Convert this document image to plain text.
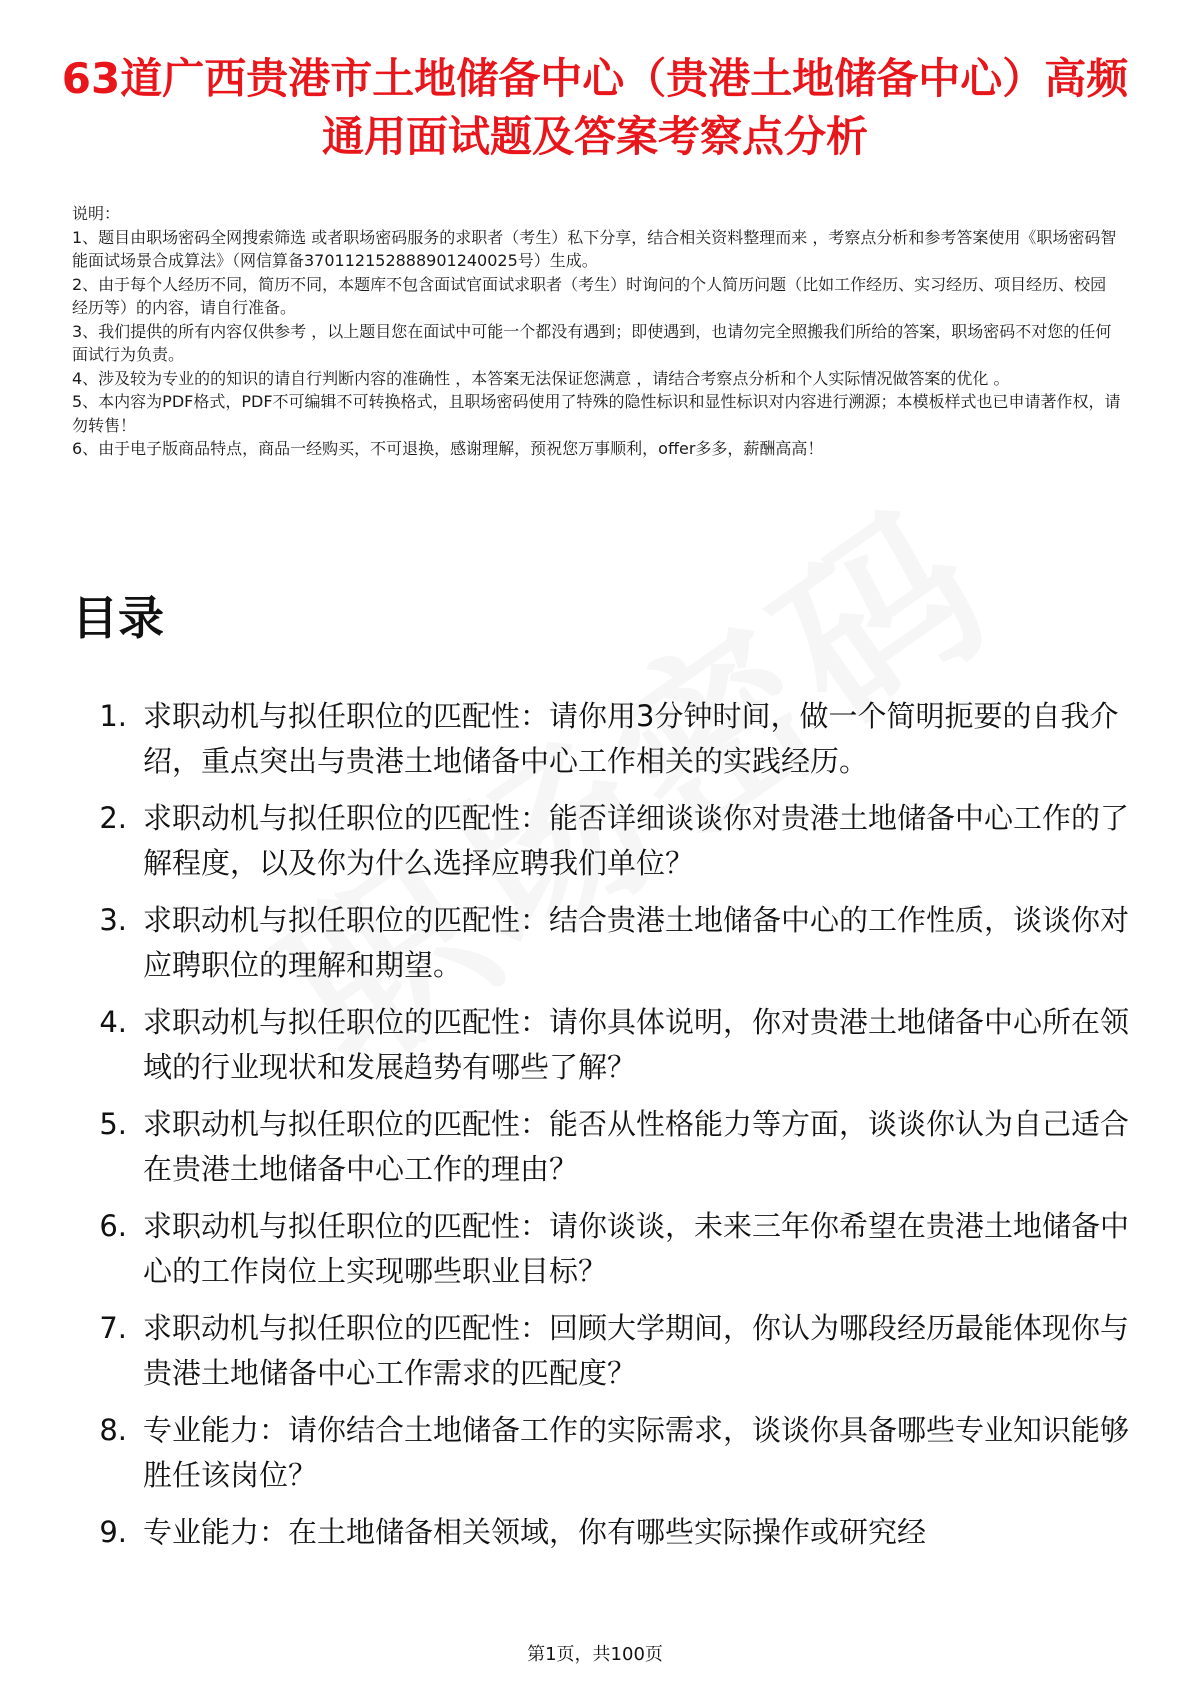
63道广西贵港市土地储备中心（贵港土地储备中心）高频通用面试题及答案考察点分析

说明：

1、题目由职场密码全网搜索筛选 或者职场密码服务的求职者（考生）私下分享，结合相关资料整理而来 ，考察点分析和参考答案使用《职场密码智能面试场景合成算法》（网信算备370112152888901240025号）生成。

2、由于每个人经历不同，简历不同，本题库不包含面试官面试求职者（考生）时询问的个人简历问题（比如工作经历、实习经历、项目经历、校园经历等）的内容，请自行准备。

3、我们提供的所有内容仅供参考 ，以上题目您在面试中可能一个都没有遇到；即使遇到，也请勿完全照搬我们所给的答案，职场密码不对您的任何面试行为负责。

4、涉及较为专业的的知识的请自行判断内容的准确性 ，本答案无法保证您满意 ，请结合考察点分析和个人实际情况做答案的优化 。

5、本内容为PDF格式，PDF不可编辑不可转换格式，且职场密码使用了特殊的隐性标识和显性标识对内容进行溯源；本模板样式也已申请著作权，请勿转售！

6、由于电子版商品特点，商品一经购买，不可退换，感谢理解，预祝您万事顺利，offer多多，薪酬高高！

目录
1. 求职动机与拟任职位的匹配性：请你用3分钟时间，做一个简明扼要的自我介绍，重点突出与贵港土地储备中心工作相关的实践经历。
2. 求职动机与拟任职位的匹配性：能否详细谈谈你对贵港土地储备中心工作的了解程度，以及你为什么选择应聘我们单位？
3. 求职动机与拟任职位的匹配性：结合贵港土地储备中心的工作性质，谈谈你对应聘职位的理解和期望。
4. 求职动机与拟任职位的匹配性：请你具体说明，你对贵港土地储备中心所在领域的行业现状和发展趋势有哪些了解？
5. 求职动机与拟任职位的匹配性：能否从性格能力等方面，谈谈你认为自己适合在贵港土地储备中心工作的理由？
6. 求职动机与拟任职位的匹配性：请你谈谈，未来三年你希望在贵港土地储备中心的工作岗位上实现哪些职业目标？
7. 求职动机与拟任职位的匹配性：回顾大学期间，你认为哪段经历最能体现你与贵港土地储备中心工作需求的匹配度？
8. 专业能力：请你结合土地储备工作的实际需求，谈谈你具备哪些专业知识能够胜任该岗位？
9. 专业能力：在土地储备相关领域，你有哪些实际操作或研究经
第1页，共100页
